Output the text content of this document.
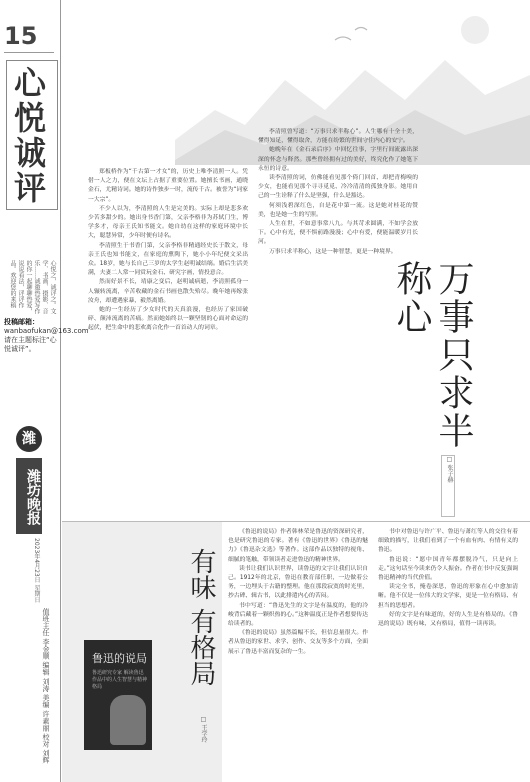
15
心悦诚评
心悦之，诚评之。文学、书画、摄影、音乐……诚邀热爱写作的你一起聊聊热爱，说说看法，评评作品。欢迎您的来稿
投稿邮箱：
wanbaofukan@163.com
请在主题标注“心悦诚评”。
潍
潍坊晚报
2023年4月23日 星期日
值班主任 李金顺 编辑 刘涛 美编 许素丽 校对 刘辉

郑板桥作为“千古第一才女”的，历史上唯李清照一人。凭借一人之力，便在文坛上占据了重要位置。她擅长书画，通晓金石，尤精诗词。她的诗作独步一时，流传千古。被誉为“词家一大宗”。

不少人以为，李清照的人生是完美的。实际上却是悲多欢少苦多甜少的。她出身书香门第，父亲李格非为苏轼门生，博学多才，母亲王氏知书能文。她自幼在这样的家庭环境中长大，聪慧异常，少年时便有诗名。

李清照生于书香门第，父亲李格非精通经史长于散文，母亲王氏也知书能文，在家庭的熏陶下，她小小年纪便文采出众。18岁，她与长自己三岁的太学生赵明诚结缡。婚后生活美满，夫妻二人常一同赏玩金石、研究字画，情投意合。

然而好景不长，靖康之变后，赵明诚病逝，李清照孤身一人辗转流离，辛苦收藏的金石书画也散失殆尽。晚年她再嫁张汝舟，却遭遇家暴，毅然离婚。

她的一生经历了少女时代的天真浪漫，也经历了家国破碎、颠沛流离的苦痛。然而她始终以一颗坚韧的心面对命运的起伏，把生命中的悲欢离合化作一首首动人的词章。

李清照曾写道：“万事只求半称心”。人生哪有十全十美，懂得知足，懂得取舍，方能在纷繁的世间守住内心的安宁。

她晚年在《金石录后序》中回忆往事，字里行间流露出深深的怀念与释然。那些曾经拥有过的美好，终究化作了她笔下永恒的诗意。

读李清照的词，仿佛能看见那个倚门回首、却把青梅嗅的少女，也能看见那个寻寻觅觅、冷冷清清的孤独身影。她用自己的一生诠释了什么是坚强，什么是豁达。

何须浅碧深红色，自是花中第一流。这是她对桂花的赞美，也是她一生的写照。

人生在世，不如意事常八九。与其苛求圆满，不如学会放下。心中有光，便不惧前路漫漫；心中有爱，便能温暖岁月长河。

万事只求半称心，这是一种智慧，更是一种境界。

万事只求半称心
□ 张子赫
鲁迅的说局
鲁迅研究专家 解读鲁迅作品中的人生智慧与精神格局
有味 有格局
□ 王学玲

《鲁迅的说局》作者韩林荣是鲁迅的资深研究者，也是研究鲁迅的专家。著有《鲁迅的世界》《鲁迅的魅力》《鲁迅杂文选》等著作。这部作品以独特的视角、细腻的笔触，带领读者走进鲁迅的精神世界。

读书让我们认识世界，读鲁迅的文字让我们认识自己。1912年的北京，鲁迅在教育部任职，一边做着公务，一边埋头于古籍的整理。他在那段寂寞的时光里，抄古碑、辑古书，以此排遣内心的苦闷。

书中写道：“鲁迅先生的文字是有温度的，他的冷峻背后藏着一颗炽热的心。”这种温度正是作者想要传达给读者的。

《鲁迅的说局》虽然篇幅不长，但信息量很大。作者从鲁迅的家世、求学、创作、交友等多个方面，全面展示了鲁迅丰富而复杂的一生。

书中对鲁迅与许广平、鲁迅与萧红等人的交往有着细致的描写，让我们看到了一个有血有肉、有情有义的鲁迅。

鲁迅说：“愿中国青年都摆脱冷气，只是向上走。”这句话至今读来仍令人振奋。作者在书中反复强调鲁迅精神的当代价值。

读完全书，掩卷深思，鲁迅的形象在心中愈加清晰。他不仅是一位伟大的文学家，更是一位有格局、有担当的思想者。

好的文字是有味道的，好的人生是有格局的。《鲁迅的说局》既有味，又有格局，值得一读再读。
